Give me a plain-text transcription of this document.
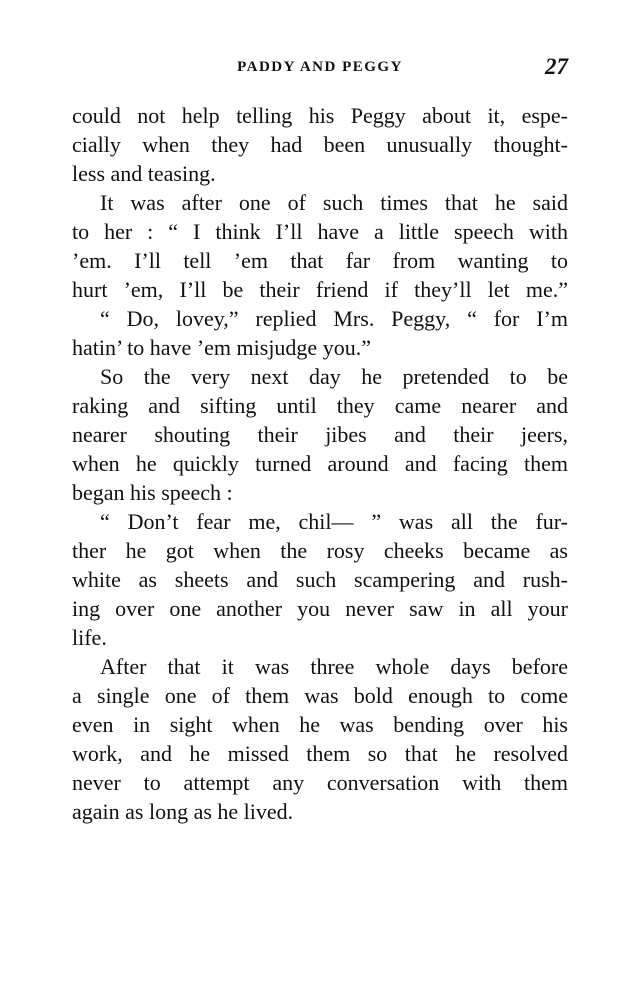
PADDY AND PEGGY	27
could not help telling his Peggy about it, espe-
cially when they had been unusually thought-
less and teasing.
It was after one of such times that he said
to her : “ I think I’ll have a little speech with
’em. I’ll tell ’em that far from wanting to
hurt ’em, I’ll be their friend if they’ll let me.”
“ Do, lovey,” replied Mrs. Peggy, “ for I’m
hatin’ to have ’em misjudge you.”
So the very next day he pretended to be
raking and sifting until they came nearer and
nearer shouting their jibes and their jeers,
when he quickly turned around and facing them
began his speech :
“ Don’t fear me, chil— ” was all the fur-
ther he got when the rosy cheeks became as
white as sheets and such scampering and rush-
ing over one another you never saw in all your
life.
After that it was three whole days before
a single one of them was bold enough to come
even in sight when he was bending over his
work, and he missed them so that he resolved
never to attempt any conversation with them
again as long as he lived.
